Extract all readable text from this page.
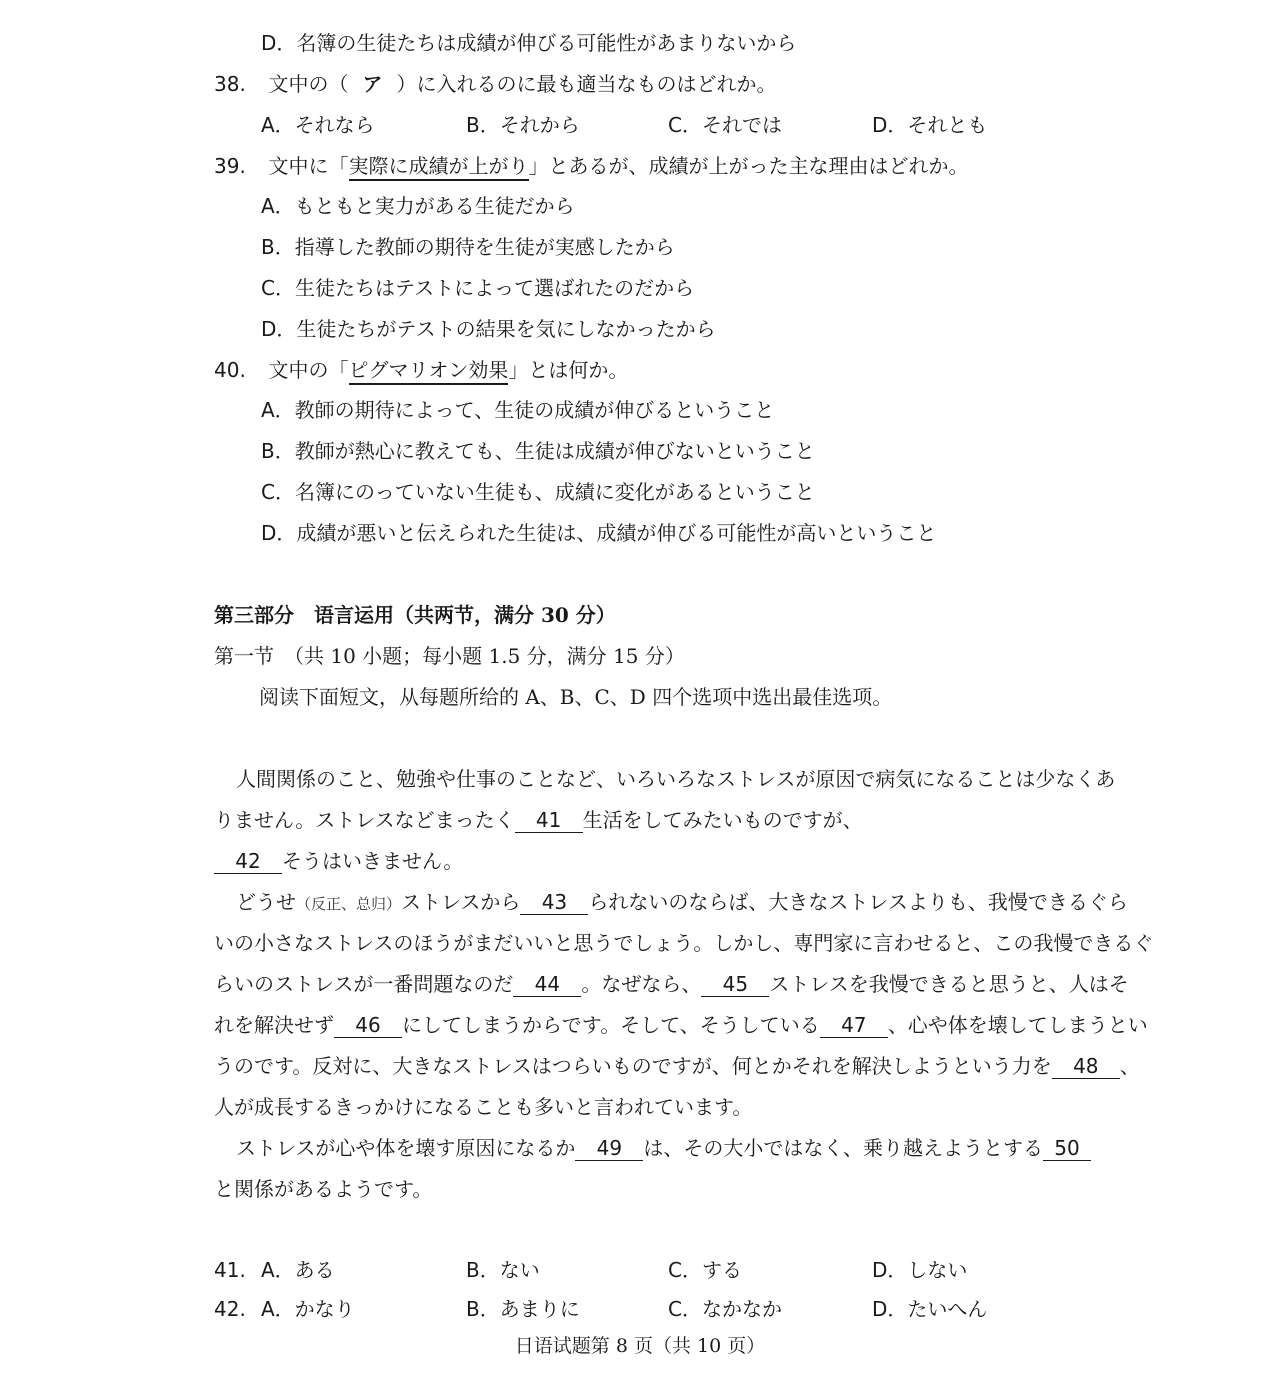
D．名簿の生徒たちは成績が伸びる可能性があまりないから
38. 文中の（ ア ）に入れるのに最も適当なものはどれか。
A．それなら	B．それから	C．それでは	D．それとも
39. 文中に「実際に成績が上がり」とあるが、成績が上がった主な理由はどれか。
A．もともと実力がある生徒だから
B．指導した教師の期待を生徒が実感したから
C．生徒たちはテストによって選ばれたのだから
D．生徒たちがテストの結果を気にしなかったから
40. 文中の「ピグマリオン効果」とは何か。
A．教師の期待によって、生徒の成績が伸びるということ
B．教師が熱心に教えても、生徒は成績が伸びないということ
C．名簿にのっていない生徒も、成績に変化があるということ
D．成績が悪いと伝えられた生徒は、成績が伸びる可能性が高いということ
第三部分　语言运用（共两节，满分 30 分）
第一节　（共 10 小题；每小题 1.5 分，满分 15 分）
阅读下面短文，从每题所给的 A、B、C、D 四个选项中选出最佳选项。
人間関係のこと、勉強や仕事のことなど、いろいろなストレスが原因で病気になることは少なくあ
りません。ストレスなどまったく 41 生活をしてみたいものですが、
42 そうはいきません。
どうせ（反正、总归）ストレスから 43 られないのならば、大きなストレスよりも、我慢できるぐら
いの小さなストレスのほうがまだいいと思うでしょう。しかし、専門家に言わせると、この我慢できるぐ
らいのストレスが一番問題なのだ 44 。なぜなら、 45 ストレスを我慢できると思うと、人はそ
れを解決せず 46 にしてしまうからです。そして、そうしている 47 、心や体を壊してしまうとい
うのです。反対に、大きなストレスはつらいものですが、何とかそれを解決しようという力を 48 、
人が成長するきっかけになることも多いと言われています。
ストレスが心や体を壊す原因になるか 49 は、その大小ではなく、乗り越えようとする 50
と関係があるようです。
41. A．ある	B．ない	C．する	D．しない
42. A．かなり	B．あまりに	C．なかなか	D．たいへん
日语试题第 8 页（共 10 页）
